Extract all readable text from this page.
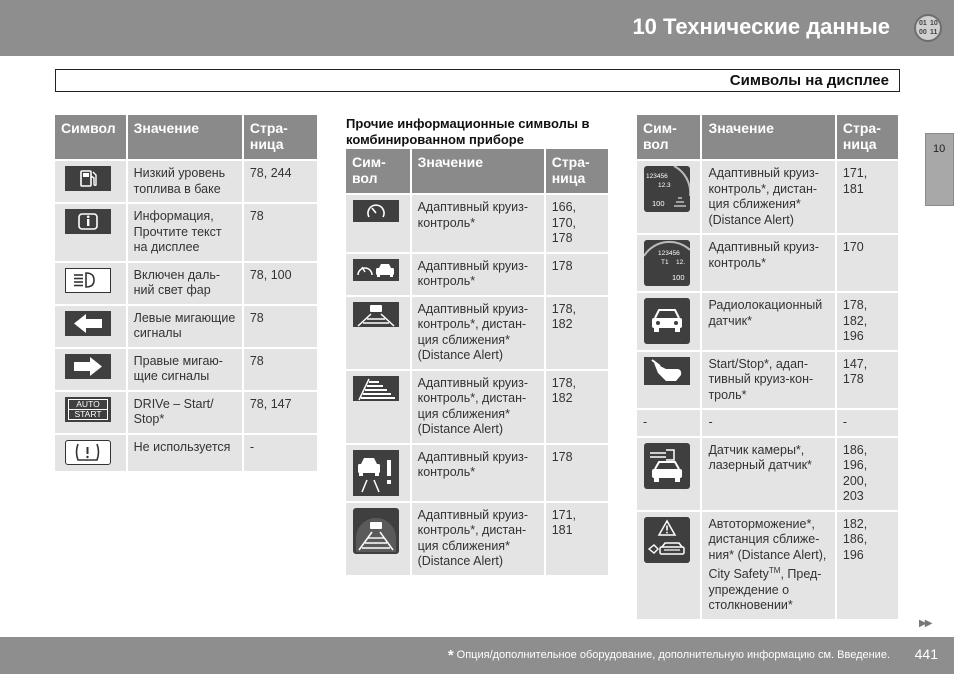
10 Технические данные	01 10
00 11
Символы на дисплее
10
Символ	Значение	Стра-
ница

	Низкий уровень топлива в баке	78, 244

	Информация, Прочтите текст на дисплее	78

	Включен даль-ний свет фар	78, 100

	Левые мигающие сигналы	78

	Правые мигаю-щие сигналы	78

AUTO
START	DRIVe – Start/ Stop*	78, 147

	Не используется	-
Прочие информационные символы в комбинированном приборе
Сим-
вол	Значение	Стра-
ница

	Адаптивный круиз-контроль*	166,
170,
178

	Адаптивный круиз-контроль*	178

	Адаптивный круиз-контроль*, дистан-ция сближения* (Distance Alert)	178,
182

	Адаптивный круиз-контроль*, дистан-ция сближения* (Distance Alert)	178,
182

	Адаптивный круиз-контроль*	178

	Адаптивный круиз-контроль*, дистан-ция сближения* (Distance Alert)	171,
181
Сим-
вол	Значение	Стра-
ница

123456
12.3
100	Адаптивный круиз-контроль*, дистан-ция сближения* (Distance Alert)	171,
181

123456
T1 12.
100	Адаптивный круиз-контроль*	170

	Радиолокационный датчик*	178,
182,
196

	Start/Stop*, адап-тивный круиз-кон-троль*	147,
178
-	-	-

	Датчик камеры*, лазерный датчик*	186,
196,
200,
203

	Автоторможение*, дистанция сближе-ния* (Distance Alert), City Safety™, Пред-упреждение о столкновении*	182,
186,
196
▶▶
* Опция/дополнительное оборудование, дополнительную информацию см. Введение. 441
